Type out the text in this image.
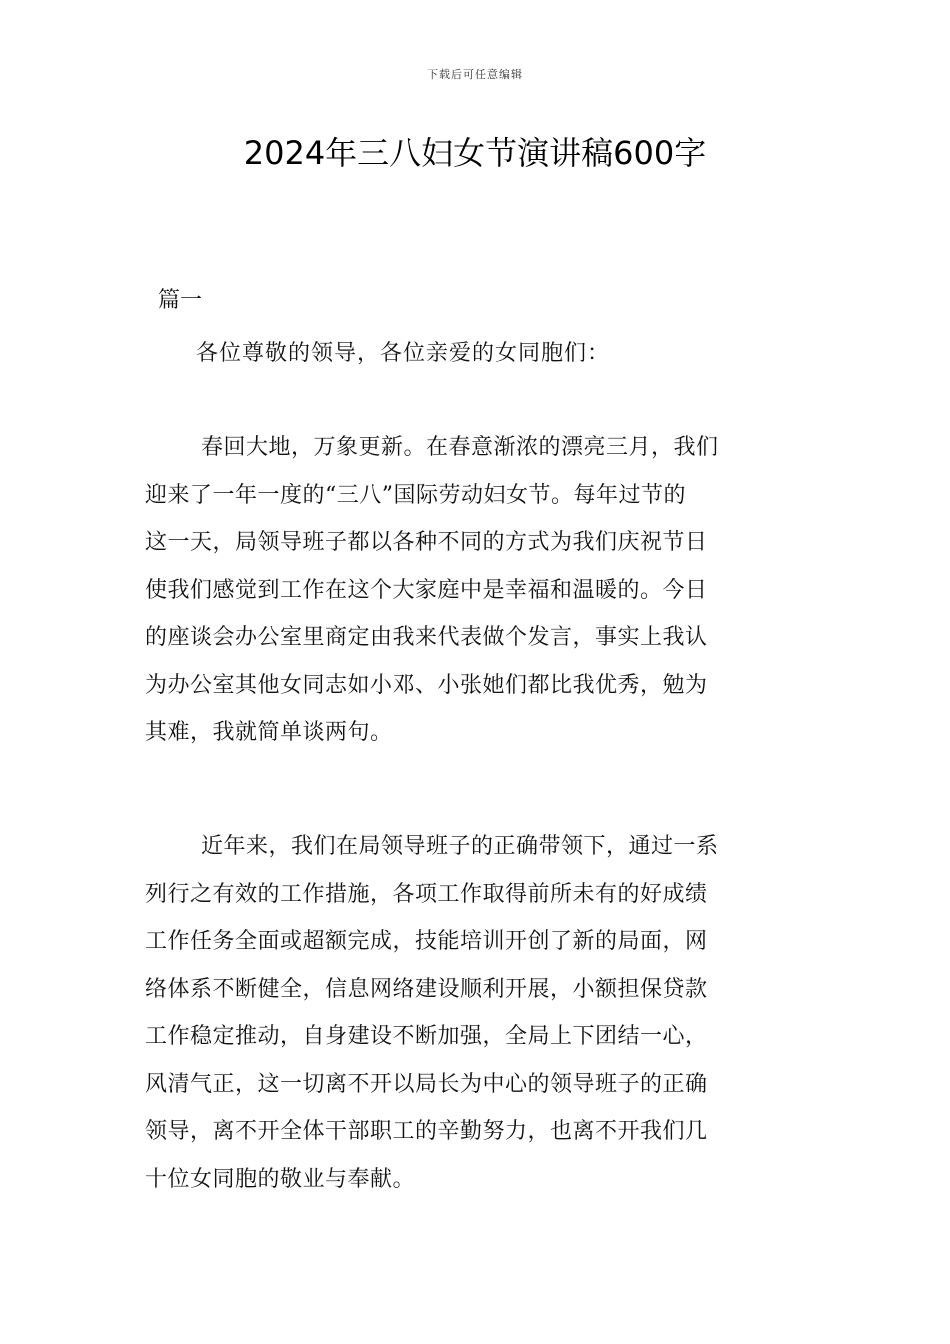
下载后可任意编辑
2024年三八妇女节演讲稿600字
篇一
各位尊敬的领导，各位亲爱的女同胞们：
春回大地，万象更新。在春意渐浓的漂亮三月，我们
迎来了一年一度的“三八”国际劳动妇女节。每年过节的
这一天，局领导班子都以各种不同的方式为我们庆祝节日
使我们感觉到工作在这个大家庭中是幸福和温暖的。今日
的座谈会办公室里商定由我来代表做个发言，事实上我认
为办公室其他女同志如小邓、小张她们都比我优秀，勉为
其难，我就简单谈两句。
近年来，我们在局领导班子的正确带领下，通过一系
列行之有效的工作措施，各项工作取得前所未有的好成绩
工作任务全面或超额完成，技能培训开创了新的局面，网
络体系不断健全，信息网络建设顺利开展，小额担保贷款
工作稳定推动，自身建设不断加强，全局上下团结一心，
风清气正，这一切离不开以局长为中心的领导班子的正确
领导，离不开全体干部职工的辛勤努力，也离不开我们几
十位女同胞的敬业与奉献。
